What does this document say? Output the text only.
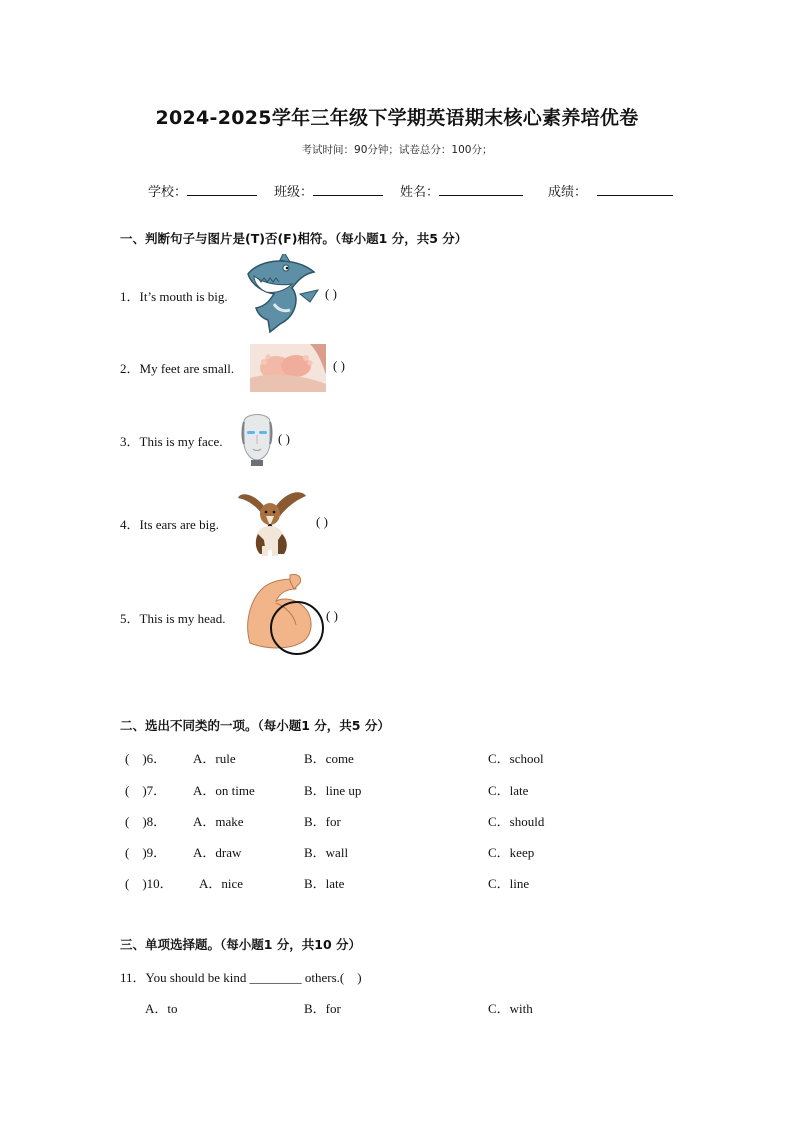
2024-2025学年三年级下学期英语期末核心素养培优卷
考试时间：90分钟；试卷总分：100分；
学校：	班级：	姓名：	成绩：
一、判断句子与图片是(T)否(F)相符。（每小题1 分，共5 分）
1．It’s mouth is big.	( )
2．My feet are small.	( )
3．This is my face.	( )
4．Its ears are big.	( )
5．This is my head.	( )
二、选出不同类的一项。（每小题1 分，共5 分）
(    )6． A．rule	B．come	C．school
(    )7． A．on time	B．line up	C．late
(    )8． A．make	B．for	C．should
(    )9． A．draw	B．wall	C．keep
(    )10． A．nice	B．late	C．line
三、单项选择题。（每小题1 分，共10 分）
11．You should be kind ________ others.(    )
A．to	B．for	C．with
